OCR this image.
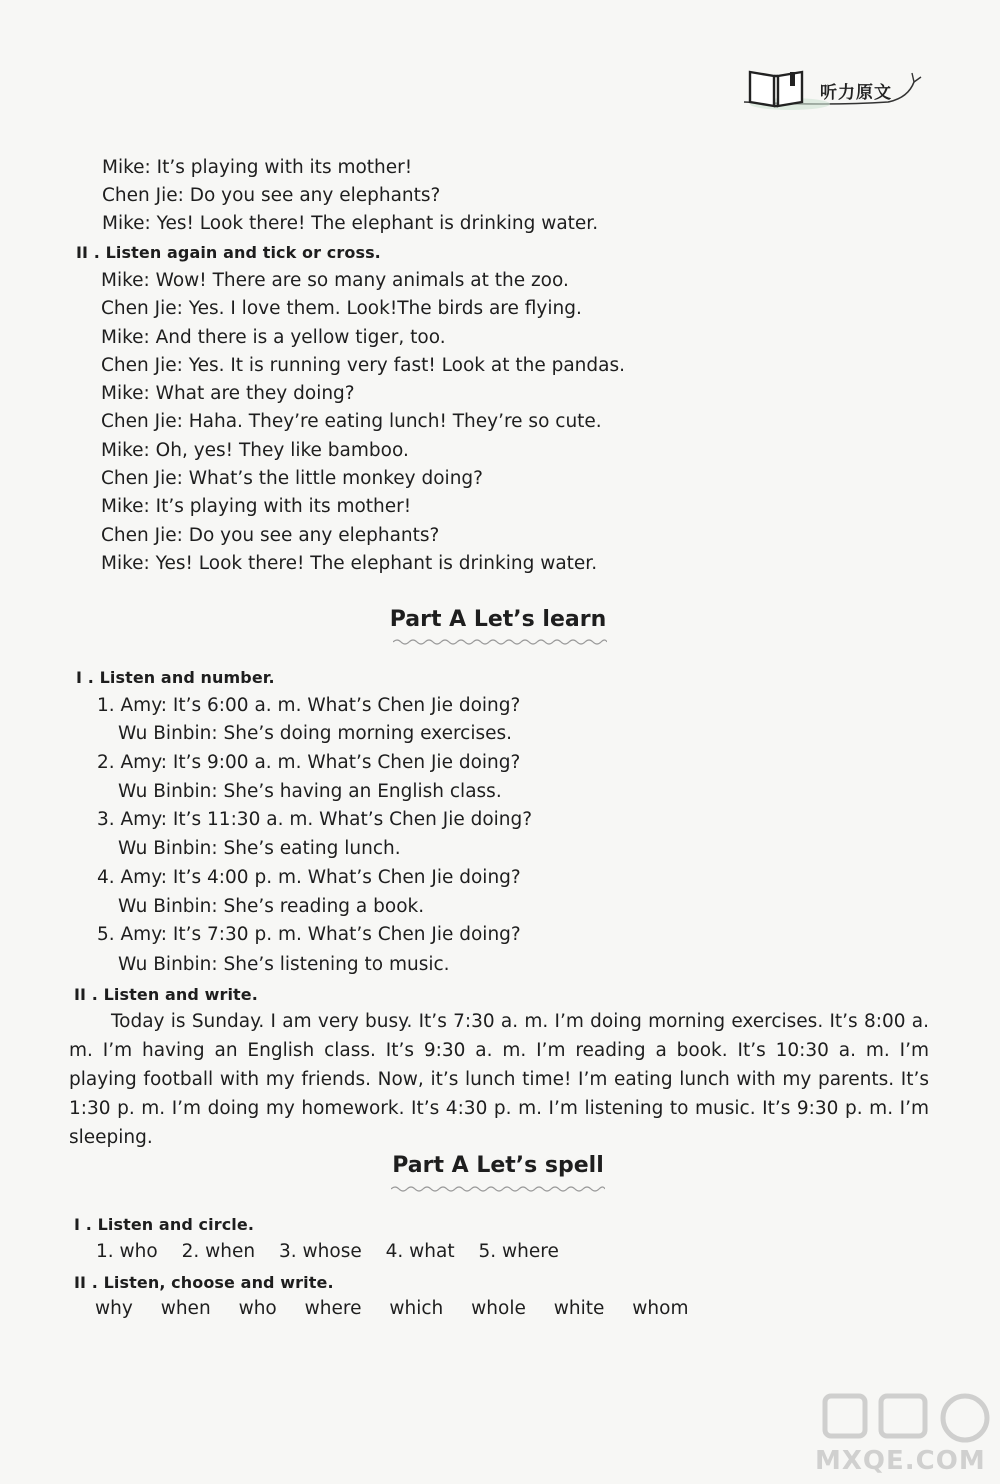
听力原文
Mike: It’s playing with its mother!
Chen Jie: Do you see any elephants?
Mike: Yes! Look there! The elephant is drinking water.
II . Listen again and tick or cross.
Mike: Wow! There are so many animals at the zoo.
Chen Jie: Yes. I love them. Look!The birds are flying.
Mike: And there is a yellow tiger, too.
Chen Jie: Yes. It is running very fast! Look at the pandas.
Mike: What are they doing?
Chen Jie: Haha. They’re eating lunch! They’re so cute.
Mike: Oh, yes! They like bamboo.
Chen Jie: What’s the little monkey doing?
Mike: It’s playing with its mother!
Chen Jie: Do you see any elephants?
Mike: Yes! Look there! The elephant is drinking water.
Part A Let’s learn
I . Listen and number.
1. Amy: It’s 6:00 a. m. What’s Chen Jie doing?
Wu Binbin: She’s doing morning exercises.
2. Amy: It’s 9:00 a. m. What’s Chen Jie doing?
Wu Binbin: She’s having an English class.
3. Amy: It’s 11:30 a. m. What’s Chen Jie doing?
Wu Binbin: She’s eating lunch.
4. Amy: It’s 4:00 p. m. What’s Chen Jie doing?
Wu Binbin: She’s reading a book.
5. Amy: It’s 7:30 p. m. What’s Chen Jie doing?
Wu Binbin: She’s listening to music.
II . Listen and write.
Today is Sunday. I am very busy. It’s 7:30 a. m. I’m doing morning exercises. It’s 8:00 a. m. I’m having an English class. It’s 9:30 a. m. I’m reading a book. It’s 10:30 a. m. I’m playing football with my friends. Now, it’s lunch time! I’m eating lunch with my parents. It’s 1:30 p. m. I’m doing my homework. It’s 4:30 p. m. I’m listening to music. It’s 9:30 p. m. I’m sleeping.
Part A Let’s spell
I . Listen and circle.
1. who 2. when 3. whose 4. what 5. where
II . Listen, choose and write.
why when who where which whole white whom
MXQE.COM
